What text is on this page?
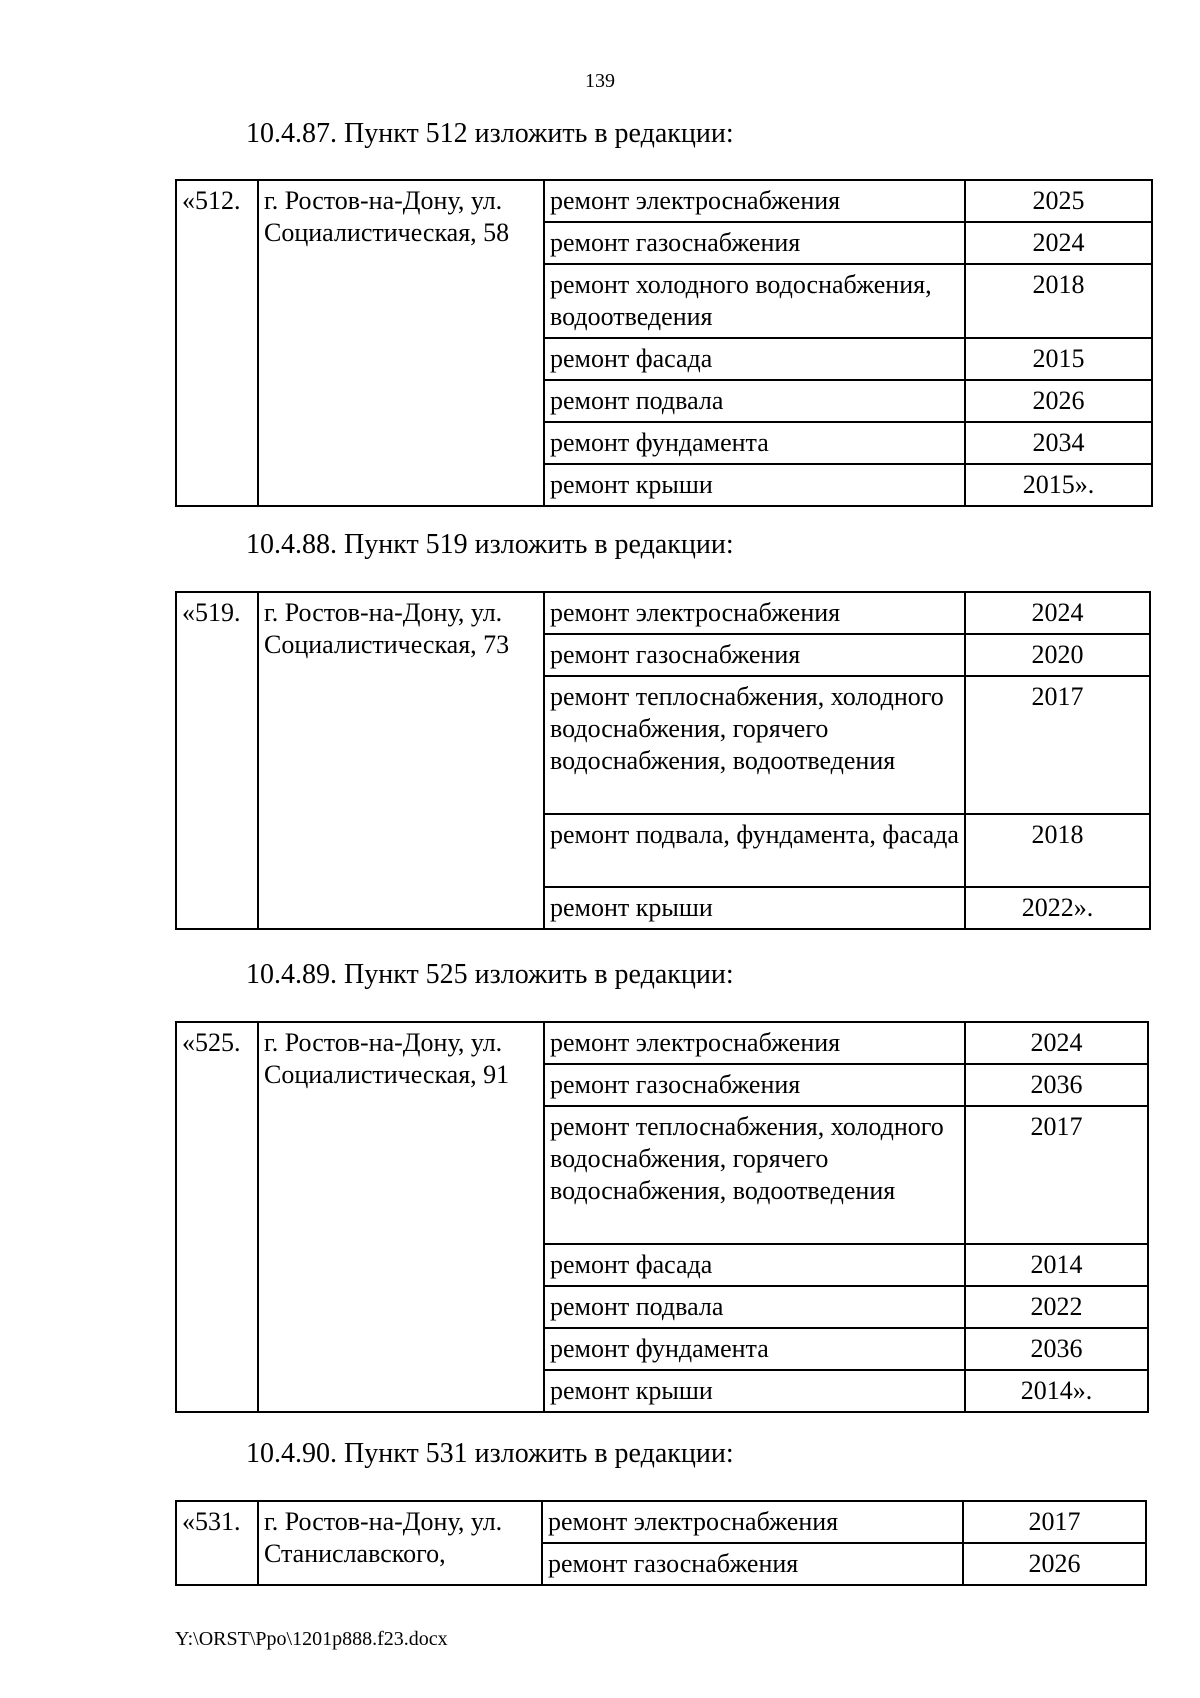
139
10.4.87. Пункт 512 изложить в редакции:
«512.	г. Ростов-на-Дону, ул. Социалистическая, 58	ремонт электроснабжения	2025
		ремонт газоснабжения	2024
		ремонт холодного водоснабжения, водоотведения	2018
		ремонт фасада	2015
		ремонт подвала	2026
		ремонт фундамента	2034
		ремонт крыши	2015».
10.4.88. Пункт 519 изложить в редакции:
«519.	г. Ростов-на-Дону, ул. Социалистическая, 73	ремонт электроснабжения	2024
		ремонт газоснабжения	2020
		ремонт теплоснабжения, холодного водоснабжения, горячего водоснабжения, водоотведения	2017
		ремонт подвала, фундамента, фасада	2018
		ремонт крыши	2022».
10.4.89. Пункт 525 изложить в редакции:
«525.	г. Ростов-на-Дону, ул. Социалистическая, 91	ремонт электроснабжения	2024
		ремонт газоснабжения	2036
		ремонт теплоснабжения, холодного водоснабжения, горячего водоснабжения, водоотведения	2017
		ремонт фасада	2014
		ремонт подвала	2022
		ремонт фундамента	2036
		ремонт крыши	2014».
10.4.90. Пункт 531 изложить в редакции:
«531.	г. Ростов-на-Дону, ул. Станиславского,	ремонт электроснабжения	2017
		ремонт газоснабжения	2026
Y:\ORST\Ppo\1201p888.f23.docx
